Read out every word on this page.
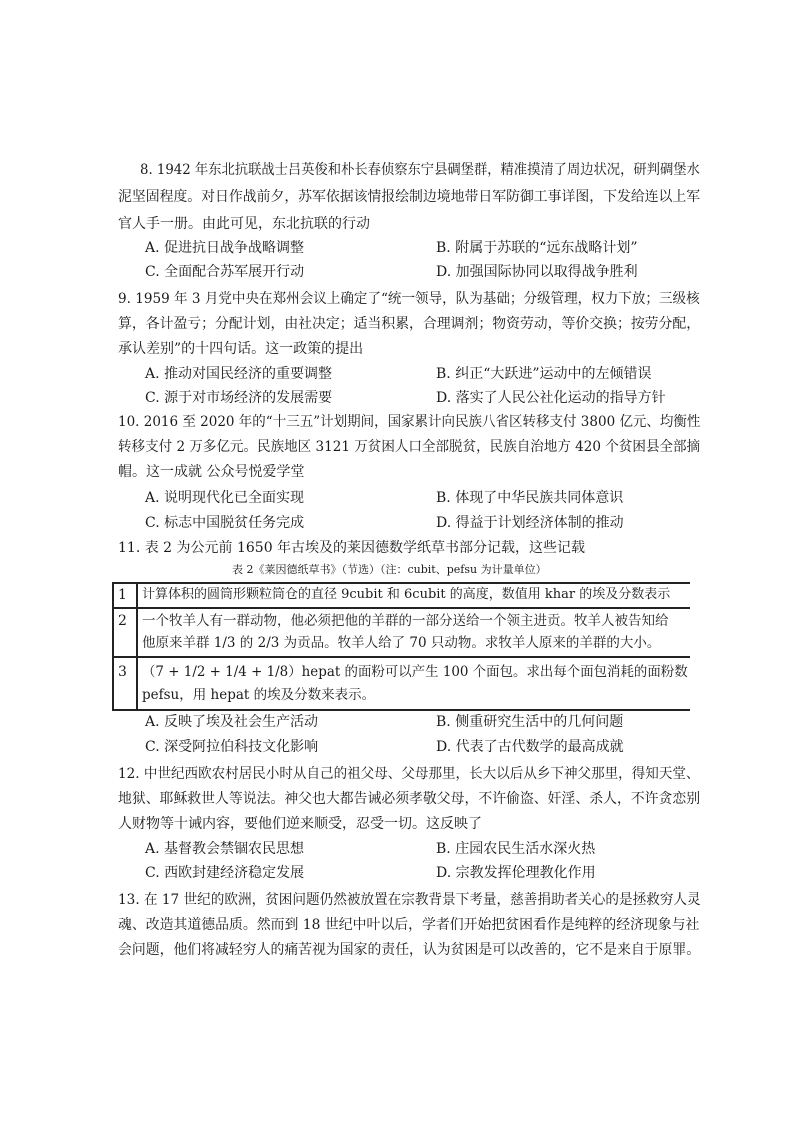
8. 1942 年东北抗联战士吕英俊和朴长春侦察东宁县碉堡群，精准摸清了周边状况，研判碉堡水
泥坚固程度。对日作战前夕，苏军依据该情报绘制边境地带日军防御工事详图，下发给连以上军
官人手一册。由此可见，东北抗联的行动
A. 促进抗日战争战略调整	B. 附属于苏联的“远东战略计划”
C. 全面配合苏军展开行动	D. 加强国际协同以取得战争胜利
9. 1959 年 3 月党中央在郑州会议上确定了“统一领导，队为基础；分级管理，权力下放；三级核
算，各计盈亏；分配计划，由社决定；适当积累，合理调剂；物资劳动，等价交换；按劳分配，
承认差别”的十四句话。这一政策的提出
A. 推动对国民经济的重要调整	B. 纠正“大跃进”运动中的左倾错误
C. 源于对市场经济的发展需要	D. 落实了人民公社化运动的指导方针
10. 2016 至 2020 年的“十三五”计划期间，国家累计向民族八省区转移支付 3800 亿元、均衡性
转移支付 2 万多亿元。民族地区 3121 万贫困人口全部脱贫，民族自治地方 420 个贫困县全部摘
帽。这一成就 公众号悦爱学堂
A. 说明现代化已全面实现	B. 体现了中华民族共同体意识
C. 标志中国脱贫任务完成	D. 得益于计划经济体制的推动
11. 表 2 为公元前 1650 年古埃及的莱因德数学纸草书部分记载，这些记载
表 2《莱因德纸草书》（节选）（注：cubit、pefsu 为计量单位）
1 计算体积的圆筒形颗粒筒仓的直径 9cubit 和 6cubit 的高度，数值用 khar 的埃及分数表示
2 一个牧羊人有一群动物，他必须把他的羊群的一部分送给一个领主进贡。牧羊人被告知给
他原来羊群 1/3 的 2/3 为贡品。牧羊人给了 70 只动物。求牧羊人原来的羊群的大小。
3 （7 + 1/2 + 1/4 + 1/8）hepat 的面粉可以产生 100 个面包。求出每个面包消耗的面粉数
pefsu，用 hepat 的埃及分数来表示。
A. 反映了埃及社会生产活动	B. 侧重研究生活中的几何问题
C. 深受阿拉伯科技文化影响	D. 代表了古代数学的最高成就
12. 中世纪西欧农村居民小时从自己的祖父母、父母那里，长大以后从乡下神父那里，得知天堂、
地狱、耶稣救世人等说法。神父也大都告诫必须孝敬父母，不许偷盗、奸淫、杀人，不许贪恋别
人财物等十诫内容，要他们逆来顺受，忍受一切。这反映了
A. 基督教会禁锢农民思想	B. 庄园农民生活水深火热
C. 西欧封建经济稳定发展	D. 宗教发挥伦理教化作用
13. 在 17 世纪的欧洲，贫困问题仍然被放置在宗教背景下考量，慈善捐助者关心的是拯救穷人灵
魂、改造其道德品质。然而到 18 世纪中叶以后，学者们开始把贫困看作是纯粹的经济现象与社
会问题，他们将减轻穷人的痛苦视为国家的责任，认为贫困是可以改善的，它不是来自于原罪。
